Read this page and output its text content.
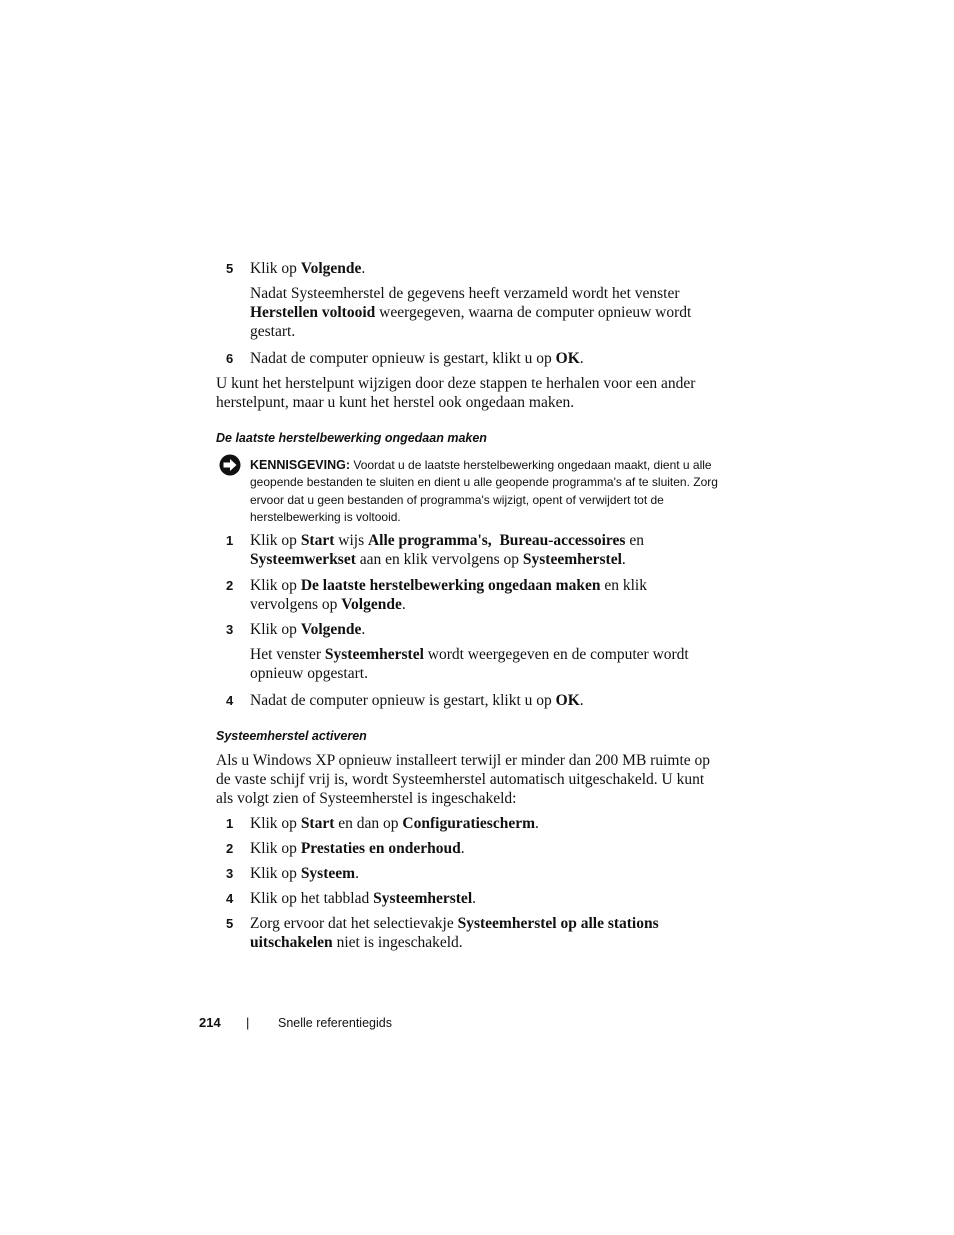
5	Klik op Volgende.
Nadat Systeemherstel de gegevens heeft verzameld wordt het venster Herstellen voltooid weergegeven, waarna de computer opnieuw wordt gestart.
6	Nadat de computer opnieuw is gestart, klikt u op OK.
U kunt het herstelpunt wijzigen door deze stappen te herhalen voor een ander herstelpunt, maar u kunt het herstel ook ongedaan maken.
De laatste herstelbewerking ongedaan maken
KENNISGEVING: Voordat u de laatste herstelbewerking ongedaan maakt, dient u alle geopende bestanden te sluiten en dient u alle geopende programma's af te sluiten. Zorg ervoor dat u geen bestanden of programma's wijzigt, opent of verwijdert tot de herstelbewerking is voltooid.
1	Klik op Start wijs Alle programma's, Bureau-accessoires en Systeemwerkset aan en klik vervolgens op Systeemherstel.
2	Klik op De laatste herstelbewerking ongedaan maken en klik vervolgens op Volgende.
3	Klik op Volgende.
Het venster Systeemherstel wordt weergegeven en de computer wordt opnieuw opgestart.
4	Nadat de computer opnieuw is gestart, klikt u op OK.
Systeemherstel activeren
Als u Windows XP opnieuw installeert terwijl er minder dan 200 MB ruimte op de vaste schijf vrij is, wordt Systeemherstel automatisch uitgeschakeld. U kunt als volgt zien of Systeemherstel is ingeschakeld:
1	Klik op Start en dan op Configuratiescherm.
2	Klik op Prestaties en onderhoud.
3	Klik op Systeem.
4	Klik op het tabblad Systeemherstel.
5	Zorg ervoor dat het selectievakje Systeemherstel op alle stations uitschakelen niet is ingeschakeld.
214 | Snelle referentiegids
